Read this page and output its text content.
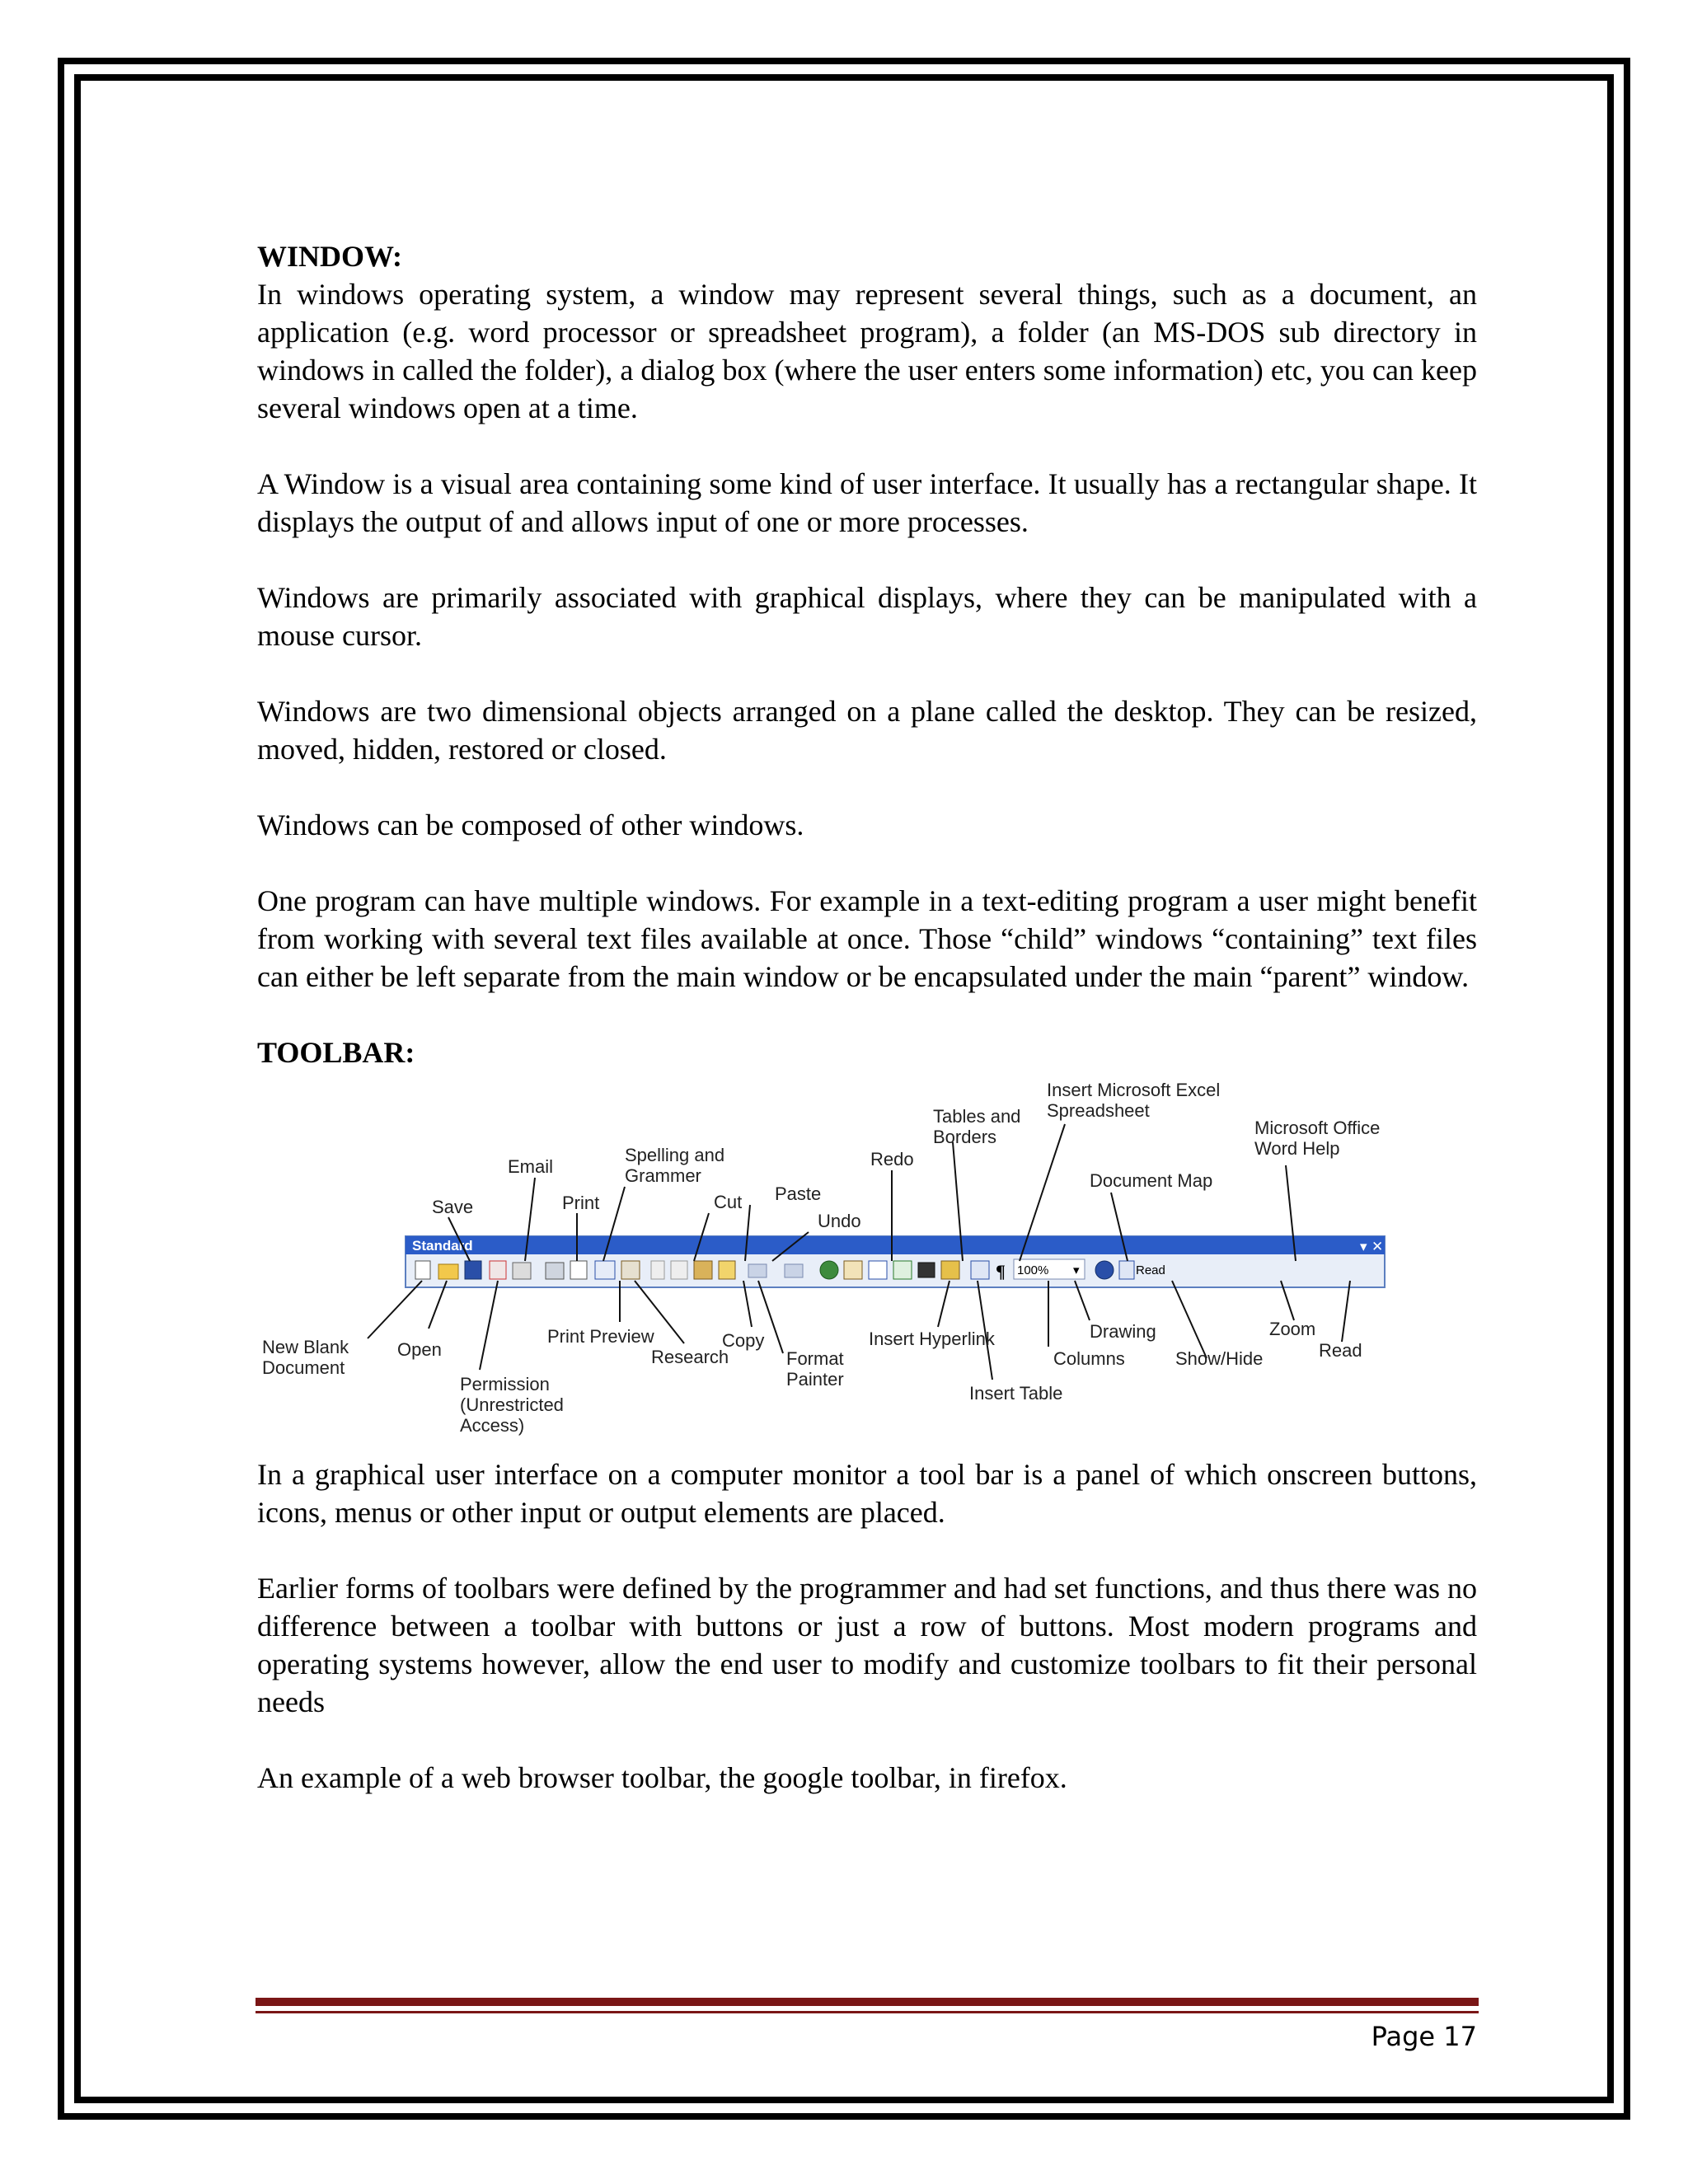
WINDOW:

In windows operating system, a window may represent several things, such as a document, an application (e.g. word processor or spreadsheet program), a folder (an MS-DOS sub directory in windows in called the folder), a dialog box (where the user enters some information) etc, you can keep several windows open at a time.

A Window is a visual area containing some kind of user interface. It usually has a rectangular shape. It displays the output of and allows input of one or more processes.

Windows are primarily associated with graphical displays, where they can be manipulated with a mouse cursor.

Windows are two dimensional objects arranged on a plane called the desktop. They can be resized, moved, hidden, restored or closed.

Windows can be composed of other windows.

One program can have multiple windows. For example in a text-editing program a user might benefit from working with several text files available at once. Those “child” windows “containing” text files can either be left separate from the main window or be encapsulated under the main “parent” window.

TOOLBAR:
Standard	▾ ✕
¶ 100% ▾	Read
New Blank
Document
Open
Save
Email
Print
Permission
(Unrestricted
Access)
Print Preview
Spelling and
Grammer
Research
Cut
Copy
Paste
Format
Painter
Undo
Redo
Insert Hyperlink
Tables and
Borders
Insert Table
Insert Microsoft Excel
Spreadsheet
Columns
Drawing
Document Map
Show/Hide
Zoom
Microsoft Office
Word Help
Read

In a graphical user interface on a computer monitor a tool bar is a panel of which onscreen buttons, icons, menus or other input or output elements are placed.

Earlier forms of toolbars were defined by the programmer and had set functions, and thus there was no difference between a toolbar with buttons or just a row of buttons. Most modern programs and operating systems however, allow the end user to modify and customize toolbars to fit their personal needs

An example of a web browser toolbar, the google toolbar, in firefox.

Page 17
